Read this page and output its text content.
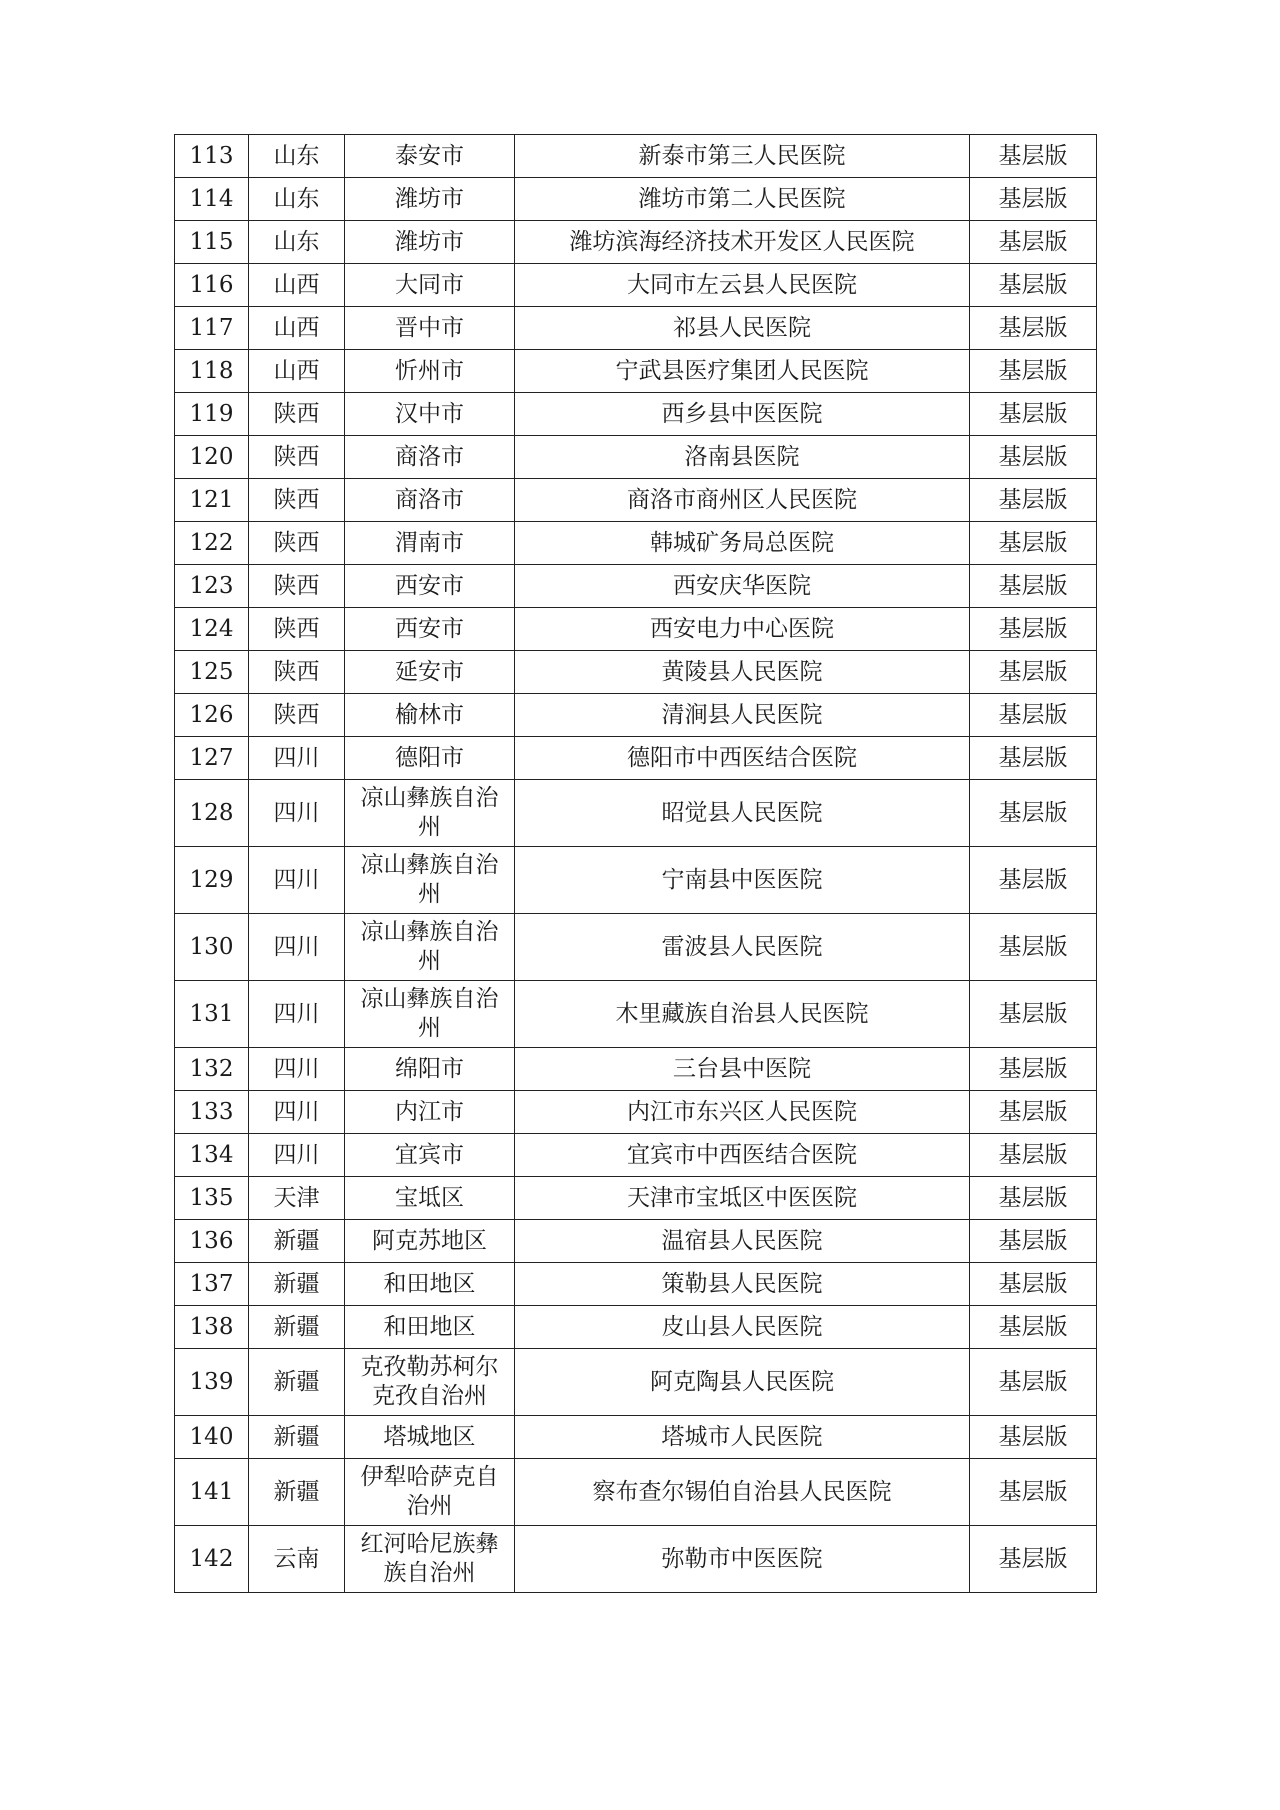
113	山东	泰安市	新泰市第三人民医院	基层版
114	山东	潍坊市	潍坊市第二人民医院	基层版
115	山东	潍坊市	潍坊滨海经济技术开发区人民医院	基层版
116	山西	大同市	大同市左云县人民医院	基层版
117	山西	晋中市	祁县人民医院	基层版
118	山西	忻州市	宁武县医疗集团人民医院	基层版
119	陕西	汉中市	西乡县中医医院	基层版
120	陕西	商洛市	洛南县医院	基层版
121	陕西	商洛市	商洛市商州区人民医院	基层版
122	陕西	渭南市	韩城矿务局总医院	基层版
123	陕西	西安市	西安庆华医院	基层版
124	陕西	西安市	西安电力中心医院	基层版
125	陕西	延安市	黄陵县人民医院	基层版
126	陕西	榆林市	清涧县人民医院	基层版
127	四川	德阳市	德阳市中西医结合医院	基层版
128	四川	凉山彝族自治州	昭觉县人民医院	基层版
129	四川	凉山彝族自治州	宁南县中医医院	基层版
130	四川	凉山彝族自治州	雷波县人民医院	基层版
131	四川	凉山彝族自治州	木里藏族自治县人民医院	基层版
132	四川	绵阳市	三台县中医院	基层版
133	四川	内江市	内江市东兴区人民医院	基层版
134	四川	宜宾市	宜宾市中西医结合医院	基层版
135	天津	宝坻区	天津市宝坻区中医医院	基层版
136	新疆	阿克苏地区	温宿县人民医院	基层版
137	新疆	和田地区	策勒县人民医院	基层版
138	新疆	和田地区	皮山县人民医院	基层版
139	新疆	克孜勒苏柯尔克孜自治州	阿克陶县人民医院	基层版
140	新疆	塔城地区	塔城市人民医院	基层版
141	新疆	伊犁哈萨克自治州	察布查尔锡伯自治县人民医院	基层版
142	云南	红河哈尼族彝族自治州	弥勒市中医医院	基层版
